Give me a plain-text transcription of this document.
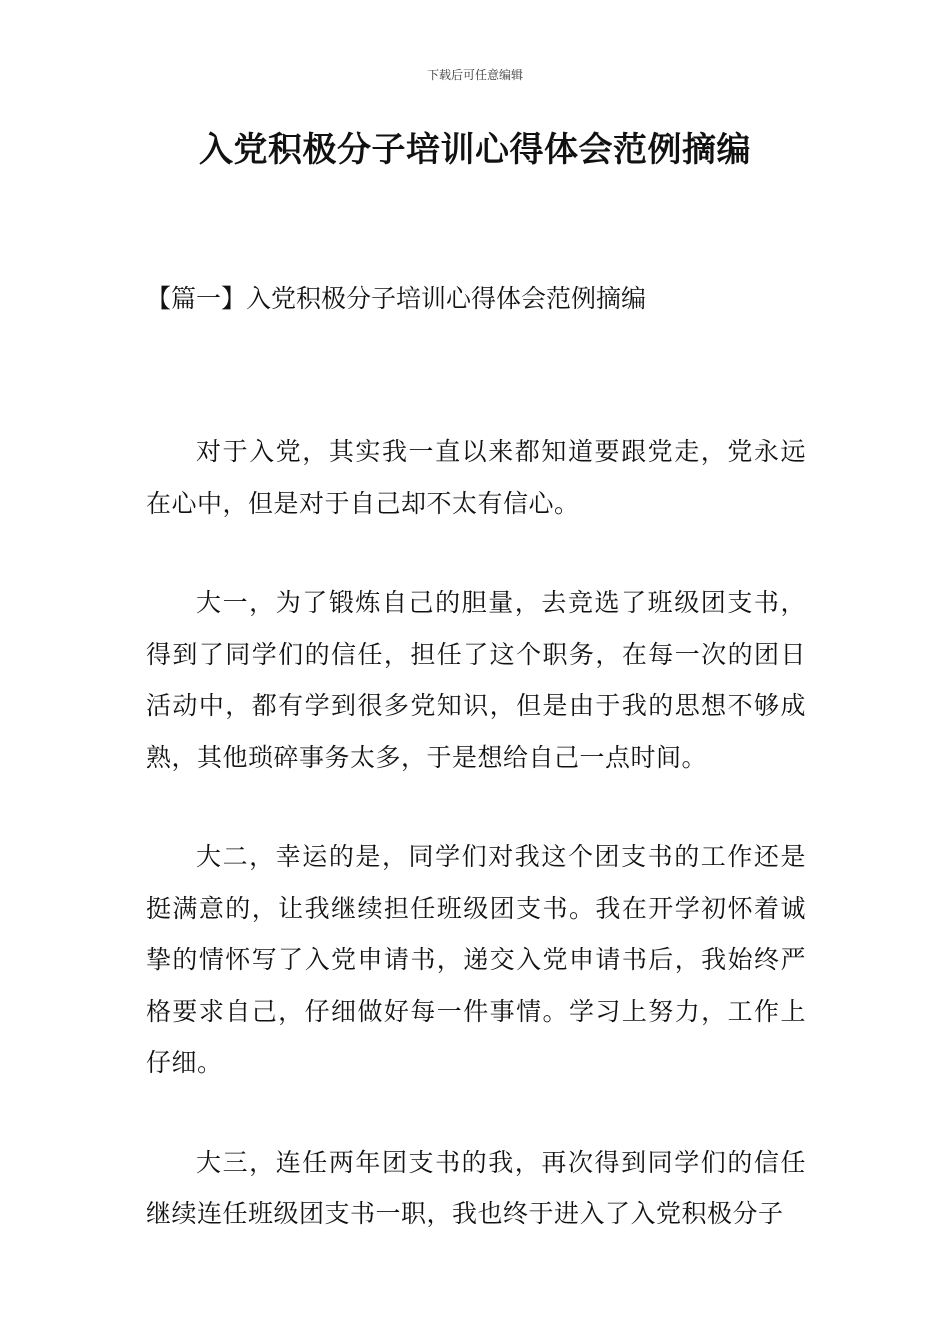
下载后可任意编辑
入党积极分子培训心得体会范例摘编
【篇一】入党积极分子培训心得体会范例摘编

对于入党，其实我一直以来都知道要跟党走，党永远在心中，但是对于自己却不太有信心。

大一，为了锻炼自己的胆量，去竞选了班级团支书，得到了同学们的信任，担任了这个职务，在每一次的团日活动中，都有学到很多党知识，但是由于我的思想不够成熟，其他琐碎事务太多，于是想给自己一点时间。

大二，幸运的是，同学们对我这个团支书的工作还是挺满意的，让我继续担任班级团支书。我在开学初怀着诚挚的情怀写了入党申请书，递交入党申请书后，我始终严格要求自己，仔细做好每一件事情。学习上努力，工作上仔细。

大三，连任两年团支书的我，再次得到同学们的信任继续连任班级团支书一职，我也终于进入了入党积极分子
